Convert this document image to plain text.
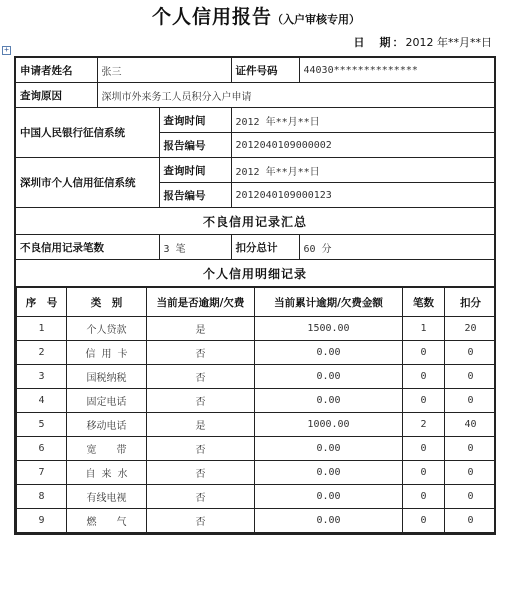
个人信用报告（入户审核专用）
日　期：2012 年**月**日
+
申请者姓名	张三	证件号码	44030**************
查询原因	深圳市外来务工人员积分入户申请
中国人民银行征信系统	查询时间	2012 年**月**日
报告编号	2012040109000002
深圳市个人信用征信系统	查询时间	2012 年**月**日
报告编号	2012040109000123
不良信用记录汇总
不良信用记录笔数	3 笔	扣分总计	60 分
个人信用明细记录

序　号	类　别	当前是否逾期/欠费	当前累计逾期/欠费金额	笔数	扣分
1	个人贷款	是	1500.00	1	20
2	信 用 卡	否	0.00	0	0
3	国税纳税	否	0.00	0	0
4	固定电话	否	0.00	0	0
5	移动电话	是	1000.00	2	40
6	宽　　带	否	0.00	0	0
7	自 来 水	否	0.00	0	0
8	有线电视	否	0.00	0	0
9	燃　　气	否	0.00	0	0
